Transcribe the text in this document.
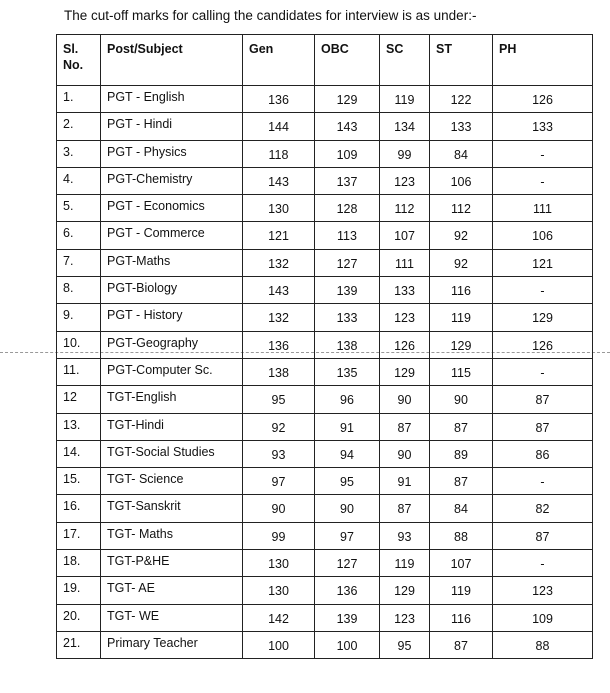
The cut-off marks for calling the candidates for interview is as under:-
Sl.
No.	Post/Subject	Gen	OBC	SC	ST	PH
1.	PGT - English	136	129	119	122	126
2.	PGT - Hindi	144	143	134	133	133
3.	PGT - Physics	118	109	99	84	-
4.	PGT-Chemistry	143	137	123	106	-
5.	PGT - Economics	130	128	112	112	111
6.	PGT - Commerce	121	113	107	92	106
7.	PGT-Maths	132	127	111	92	121
8.	PGT-Biology	143	139	133	116	-
9.	PGT - History	132	133	123	119	129
10.	PGT-Geography	136	138	126	129	126
11.	PGT-Computer Sc.	138	135	129	115	-
12	TGT-English	95	96	90	90	87
13.	TGT-Hindi	92	91	87	87	87
14.	TGT-Social Studies	93	94	90	89	86
15.	TGT- Science	97	95	91	87	-
16.	TGT-Sanskrit	90	90	87	84	82
17.	TGT- Maths	99	97	93	88	87
18.	TGT-P&HE	130	127	119	107	-
19.	TGT- AE	130	136	129	119	123
20.	TGT- WE	142	139	123	116	109
21.	Primary Teacher	100	100	95	87	88
